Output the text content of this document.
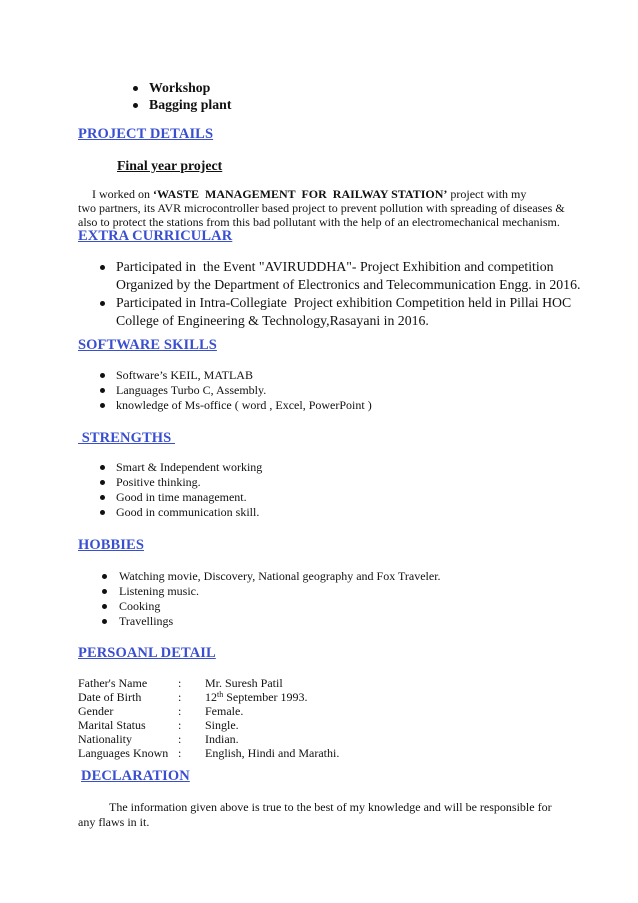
Workshop
Bagging plant
PROJECT DETAILS
Final year project
I worked on ‘WASTE  MANAGEMENT  FOR  RAILWAY STATION’ project with my
two partners, its AVR microcontroller based project to prevent pollution with spreading of diseases &
also to protect the stations from this bad pollutant with the help of an electromechanical mechanism.
EXTRA CURRICULAR
Participated in  the Event "AVIRUDDHA"- Project Exhibition and competition
Organized by the Department of Electronics and Telecommunication Engg. in 2016.
Participated in Intra-Collegiate  Project exhibition Competition held in Pillai HOC
College of Engineering & Technology,Rasayani in 2016.
SOFTWARE SKILLS
Software’s KEIL, MATLAB
Languages Turbo C, Assembly.
knowledge of Ms-office ( word , Excel, PowerPoint )
STRENGTHS
Smart & Independent working
Positive thinking.
Good in time management.
Good in communication skill.
HOBBIES
Watching movie, Discovery, National geography and Fox Traveler.
Listening music.
Cooking
Travellings
PERSOANL DETAIL
Father's Name	: Mr. Suresh Patil
Date of Birth	: 12th September 1993.
Gender	: Female.
Marital Status	: Single.
Nationality	: Indian.
Languages Known : English, Hindi and Marathi.
DECLARATION
The information given above is true to the best of my knowledge and will be responsible for
any flaws in it.
